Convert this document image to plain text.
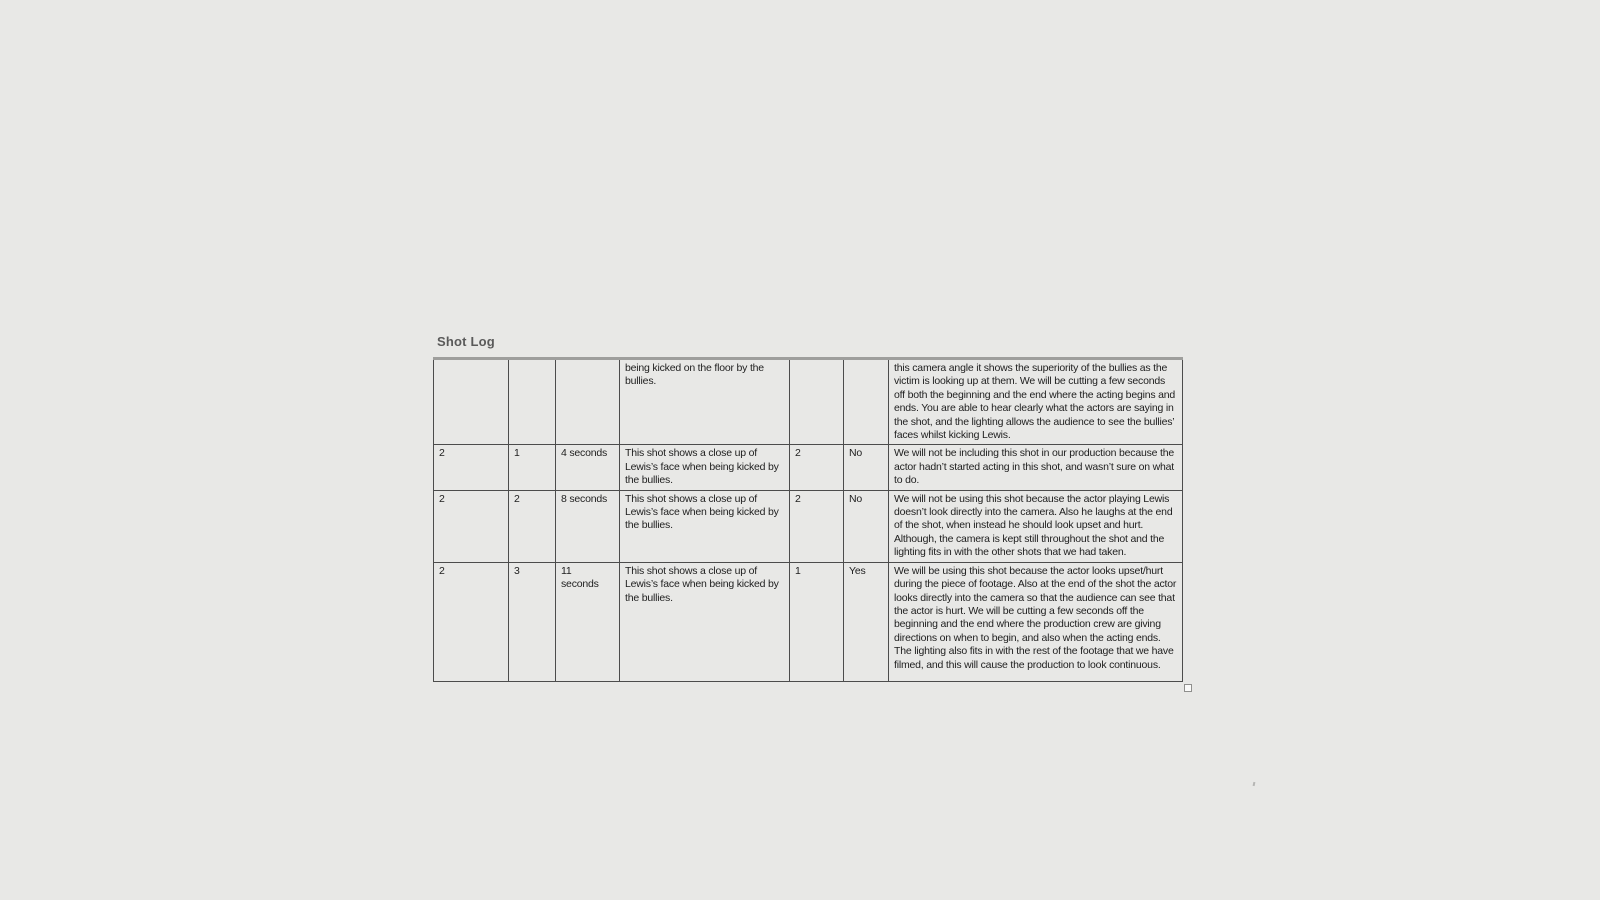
Shot Log
			being kicked on the floor by the bullies.			this camera angle it shows the superiority of the bullies as the victim is looking up at them. We will be cutting a few seconds off both the beginning and the end where the acting begins and ends. You are able to hear clearly what the actors are saying in the shot, and the lighting allows the audience to see the bullies’ faces whilst kicking Lewis.
2	1	4 seconds	This shot shows a close up of Lewis’s face when being kicked by the bullies.	2	No	We will not be including this shot in our production because the actor hadn’t started acting in this shot, and wasn’t sure on what to do.
2	2	8 seconds	This shot shows a close up of Lewis’s face when being kicked by the bullies.	2	No	We will not be using this shot because the actor playing Lewis doesn’t look directly into the camera. Also he laughs at the end of the shot, when instead he should look upset and hurt. Although, the camera is kept still throughout the shot and the lighting fits in with the other shots that we had taken.
2	3	11
seconds	This shot shows a close up of Lewis’s face when being kicked by the bullies.	1	Yes	We will be using this shot because the actor looks upset/hurt during the piece of footage. Also at the end of the shot the actor looks directly into the camera so that the audience can see that the actor is hurt. We will be cutting a few seconds off the beginning and the end where the production crew are giving directions on when to begin, and also when the acting ends. The lighting also fits in with the rest of the footage that we have filmed, and this will cause the production to look continuous.
